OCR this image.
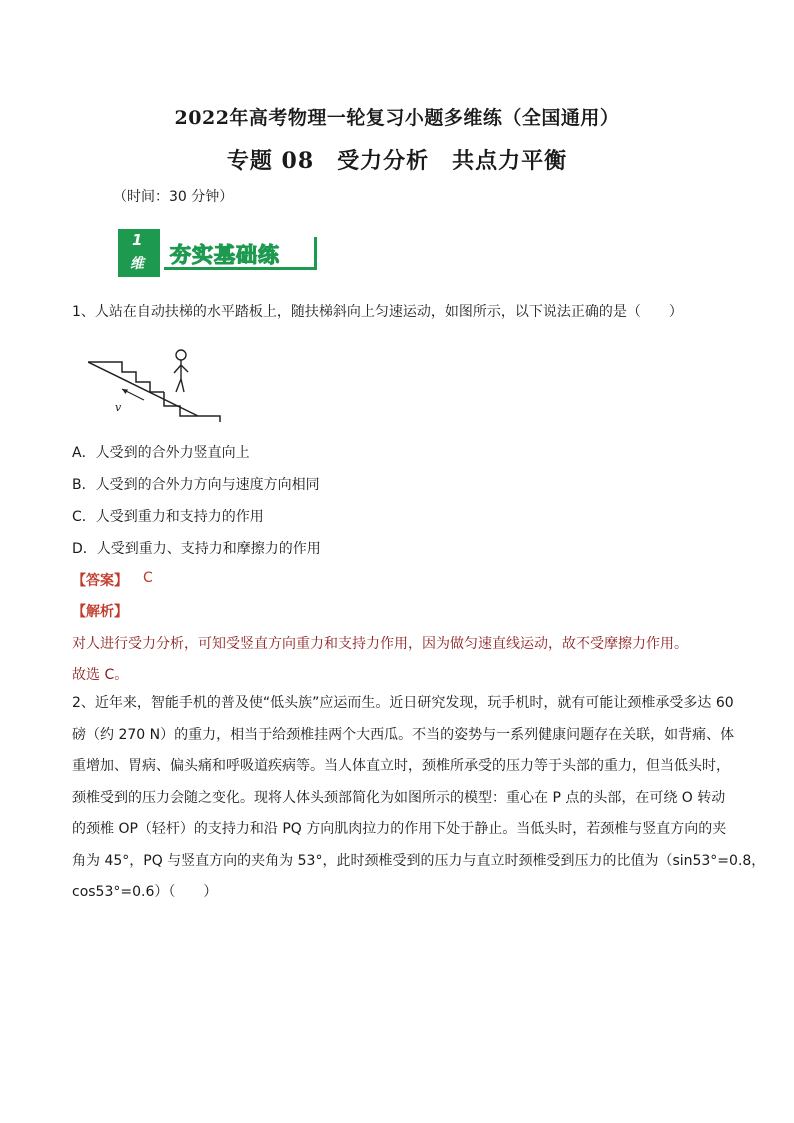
2022年高考物理一轮复习小题多维练（全国通用）
专题 08　受力分析　共点力平衡
（时间：30 分钟）
1
维 夯实基础练
1、人站在自动扶梯的水平踏板上，随扶梯斜向上匀速运动，如图所示，以下说法正确的是（　　）
v
A．人受到的合外力竖直向上
B．人受到的合外力方向与速度方向相同
C．人受到重力和支持力的作用
D．人受到重力、支持力和摩擦力的作用
【答案】 C
【解析】
对人进行受力分析，可知受竖直方向重力和支持力作用，因为做匀速直线运动，故不受摩擦力作用。
故选 C。
2、近年来，智能手机的普及使“低头族”应运而生。近日研究发现，玩手机时，就有可能让颈椎承受多达 60
磅（约 270 N）的重力，相当于给颈椎挂两个大西瓜。不当的姿势与一系列健康问题存在关联，如背痛、体
重增加、胃病、偏头痛和呼吸道疾病等。当人体直立时，颈椎所承受的压力等于头部的重力，但当低头时，
颈椎受到的压力会随之变化。现将人体头颈部简化为如图所示的模型：重心在 P 点的头部，在可绕 O 转动
的颈椎 OP（轻杆）的支持力和沿 PQ 方向肌肉拉力的作用下处于静止。当低头时，若颈椎与竖直方向的夹
角为 45°，PQ 与竖直方向的夹角为 53°，此时颈椎受到的压力与直立时颈椎受到压力的比值为（sin53°=0.8，
cos53°=0.6）（　　）
